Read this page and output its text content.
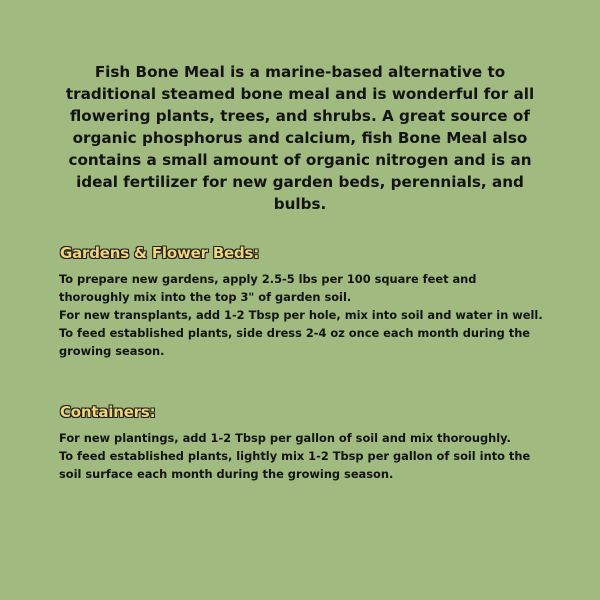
Fish Bone Meal is a marine-based alternative to traditional steamed bone meal and is wonderful for all flowering plants, trees, and shrubs. A great source of organic phosphorus and calcium, fish Bone Meal also contains a small amount of organic nitrogen and is an ideal fertilizer for new garden beds, perennials, and bulbs.

Gardens & Flower Beds:

To prepare new gardens, apply 2.5-5 lbs per 100 square feet and thoroughly mix into the top 3" of garden soil.

For new transplants, add 1-2 Tbsp per hole, mix into soil and water in well.

To feed established plants, side dress 2-4 oz once each month during the growing season.

Containers:

For new plantings, add 1-2 Tbsp per gallon of soil and mix thoroughly.

To feed established plants, lightly mix 1-2 Tbsp per gallon of soil into the soil surface each month during the growing season.
